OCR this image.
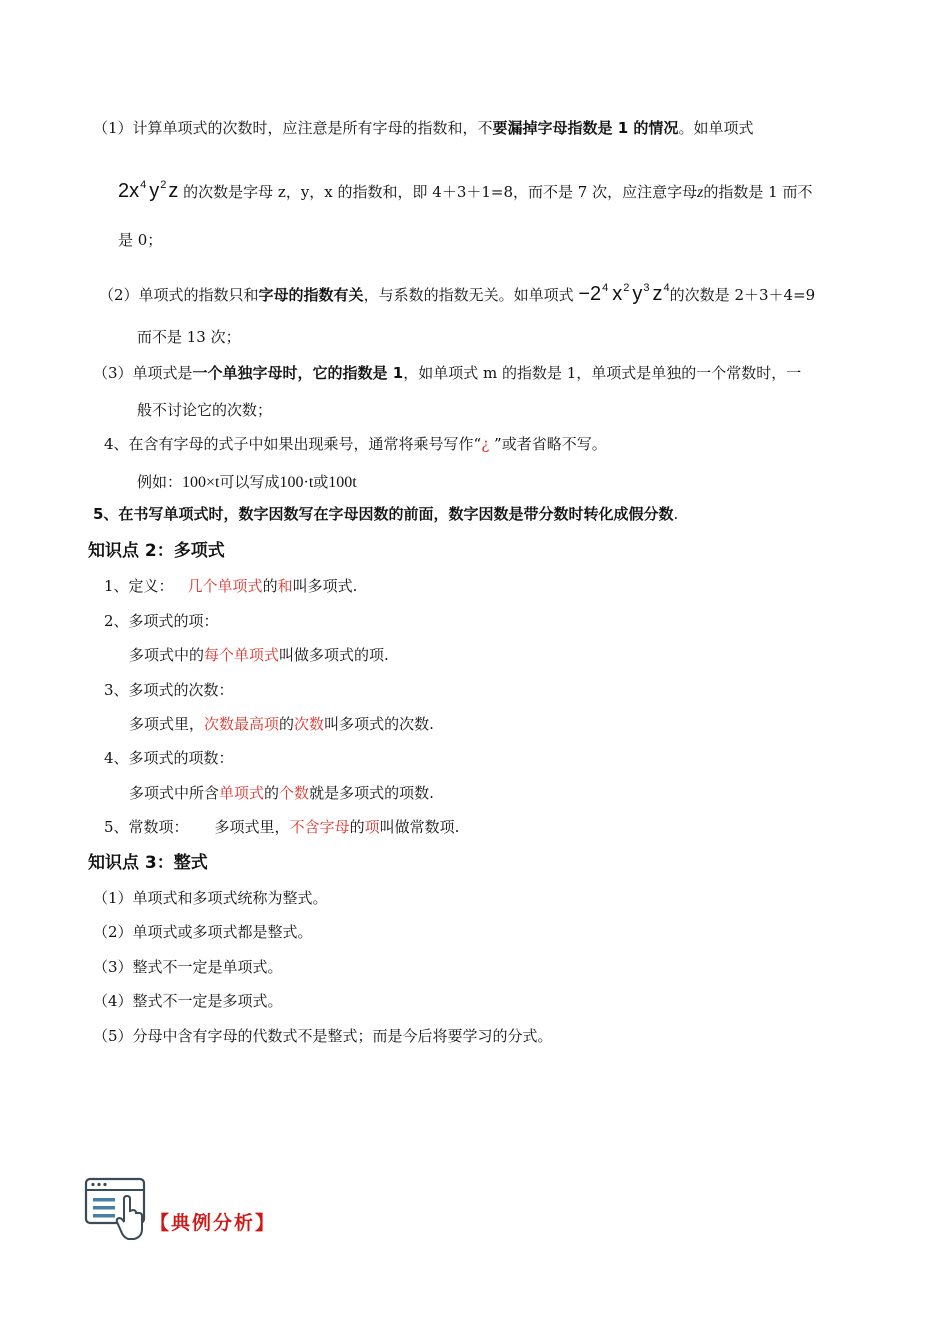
（1）计算单项式的次数时，应注意是所有字母的指数和，不要漏掉字母指数是 1 的情况。如单项式
$2x^4$ $y^2$ z 的次数是字母 z，y，x 的指数和，即 4＋3＋1=8，而不是 7 次，应注意字母z的指数是 1 而不
是 0；
（2）单项式的指数只和字母的指数有关，与系数的指数无关。如单项式 $-2^4$ $x^2$ $y^3$ $z^4$的次数是 2＋3＋4=9
而不是 13 次；
（3）单项式是一个单独字母时，它的指数是 1，如单项式 m 的指数是 1，单项式是单独的一个常数时，一
般不讨论它的次数；
4、在含有字母的式子中如果出现乘号，通常将乘号写作“¿ ”或者省略不写。
例如：100×t可以写成100·t或100t
5、在书写单项式时，数字因数写在字母因数的前面，数字因数是带分数时转化成假分数.
知识点 2：多项式
1、定义： 几个单项式的和叫多项式.
2、多项式的项：
多项式中的每个单项式叫做多项式的项.
3、多项式的次数：
多项式里，次数最高项的次数叫多项式的次数.
4、多项式的项数：
多项式中所含单项式的个数就是多项式的项数.
5、常数项： 多项式里，不含字母的项叫做常数项.
知识点 3：整式
（1）单项式和多项式统称为整式。
（2）单项式或多项式都是整式。
（3）整式不一定是单项式。
（4）整式不一定是多项式。
（5）分母中含有字母的代数式不是整式；而是今后将要学习的分式。
【典例分析】
